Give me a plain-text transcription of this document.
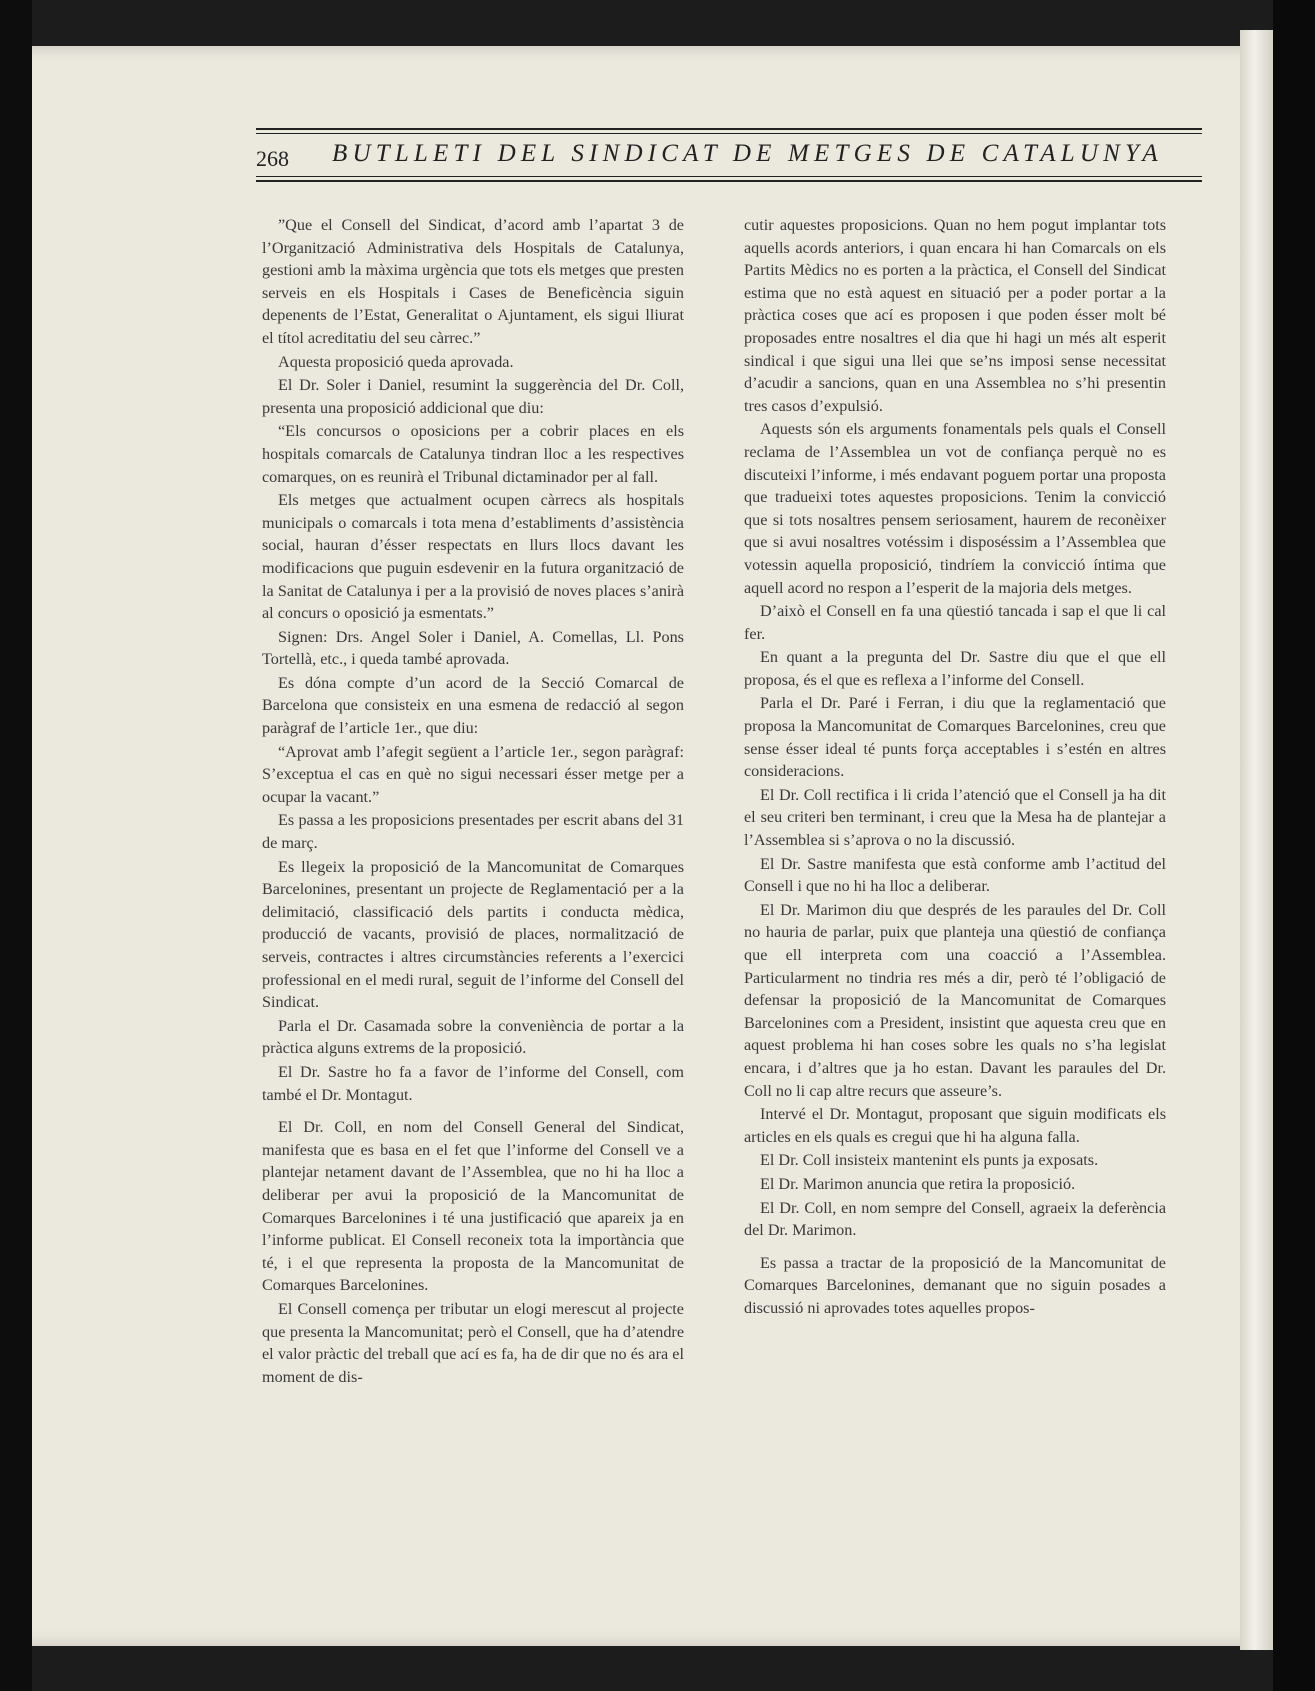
268 BUTLLETI DEL SINDICAT DE METGES DE CATALUNYA

”Que el Consell del Sindicat, d’acord amb l’apartat 3 de l’Organització Administrativa dels Hospitals de Catalunya, gestioni amb la màxima urgència que tots els metges que presten serveis en els Hospitals i Cases de Beneficència siguin depenents de l’Estat, Generalitat o Ajuntament, els sigui lliurat el títol acreditatiu del seu càrrec.”

Aquesta proposició queda aprovada.

El Dr. Soler i Daniel, resumint la suggerència del Dr. Coll, presenta una proposició addicional que diu:

“Els concursos o oposicions per a cobrir places en els hospitals comarcals de Catalunya tindran lloc a les respectives comarques, on es reunirà el Tribunal dictaminador per al fall.

Els metges que actualment ocupen càrrecs als hospitals municipals o comarcals i tota mena d’establiments d’assistència social, hauran d’ésser respectats en llurs llocs davant les modificacions que puguin esdevenir en la futura organització de la Sanitat de Catalunya i per a la provisió de noves places s’anirà al concurs o oposició ja esmentats.”

Signen: Drs. Angel Soler i Daniel, A. Comellas, Ll. Pons Tortellà, etc., i queda també aprovada.

Es dóna compte d’un acord de la Secció Comarcal de Barcelona que consisteix en una esmena de redacció al segon paràgraf de l’article 1er., que diu:

“Aprovat amb l’afegit següent a l’article 1er., segon paràgraf: S’exceptua el cas en què no sigui necessari ésser metge per a ocupar la vacant.”

Es passa a les proposicions presentades per escrit abans del 31 de març.

Es llegeix la proposició de la Mancomunitat de Comarques Barcelonines, presentant un projecte de Reglamentació per a la delimitació, classificació dels partits i conducta mèdica, producció de vacants, provisió de places, normalització de serveis, contractes i altres circumstàncies referents a l’exercici professional en el medi rural, seguit de l’informe del Consell del Sindicat.

Parla el Dr. Casamada sobre la conveniència de portar a la pràctica alguns extrems de la proposició.

El Dr. Sastre ho fa a favor de l’informe del Consell, com també el Dr. Montagut.

El Dr. Coll, en nom del Consell General del Sindicat, manifesta que es basa en el fet que l’informe del Consell ve a plantejar netament davant de l’Assemblea, que no hi ha lloc a deliberar per avui la proposició de la Mancomunitat de Comarques Barcelonines i té una justificació que apareix ja en l’informe publicat. El Consell reconeix tota la importància que té, i el que representa la proposta de la Mancomunitat de Comarques Barcelonines.

El Consell comença per tributar un elogi merescut al projecte que presenta la Mancomunitat; però el Consell, que ha d’atendre el valor pràctic del treball que ací es fa, ha de dir que no és ara el moment de dis-

cutir aquestes proposicions. Quan no hem pogut implantar tots aquells acords anteriors, i quan encara hi han Comarcals on els Partits Mèdics no es porten a la pràctica, el Consell del Sindicat estima que no està aquest en situació per a poder portar a la pràctica coses que ací es proposen i que poden ésser molt bé proposades entre nosaltres el dia que hi hagi un més alt esperit sindical i que sigui una llei que se’ns imposi sense necessitat d’acudir a sancions, quan en una Assemblea no s’hi presentin tres casos d’expulsió.

Aquests són els arguments fonamentals pels quals el Consell reclama de l’Assemblea un vot de confiança perquè no es discuteixi l’informe, i més endavant poguem portar una proposta que tradueixi totes aquestes proposicions. Tenim la convicció que si tots nosaltres pensem seriosament, haurem de reconèixer que si avui nosaltres votéssim i disposéssim a l’Assemblea que votessin aquella proposició, tindríem la convicció íntima que aquell acord no respon a l’esperit de la majoria dels metges.

D’això el Consell en fa una qüestió tancada i sap el que li cal fer.

En quant a la pregunta del Dr. Sastre diu que el que ell proposa, és el que es reflexa a l’informe del Consell.

Parla el Dr. Paré i Ferran, i diu que la reglamentació que proposa la Mancomunitat de Comarques Barcelonines, creu que sense ésser ideal té punts força acceptables i s’estén en altres consideracions.

El Dr. Coll rectifica i li crida l’atenció que el Consell ja ha dit el seu criteri ben terminant, i creu que la Mesa ha de plantejar a l’Assemblea si s’aprova o no la discussió.

El Dr. Sastre manifesta que està conforme amb l’actitud del Consell i que no hi ha lloc a deliberar.

El Dr. Marimon diu que després de les paraules del Dr. Coll no hauria de parlar, puix que planteja una qüestió de confiança que ell interpreta com una coacció a l’Assemblea. Particularment no tindria res més a dir, però té l’obligació de defensar la proposició de la Mancomunitat de Comarques Barcelonines com a President, insistint que aquesta creu que en aquest problema hi han coses sobre les quals no s’ha legislat encara, i d’altres que ja ho estan. Davant les paraules del Dr. Coll no li cap altre recurs que asseure’s.

Intervé el Dr. Montagut, proposant que siguin modificats els articles en els quals es cregui que hi ha alguna falla.

El Dr. Coll insisteix mantenint els punts ja exposats.

El Dr. Marimon anuncia que retira la proposició.

El Dr. Coll, en nom sempre del Consell, agraeix la deferència del Dr. Marimon.

Es passa a tractar de la proposició de la Mancomunitat de Comarques Barcelonines, demanant que no siguin posades a discussió ni aprovades totes aquelles propos-
